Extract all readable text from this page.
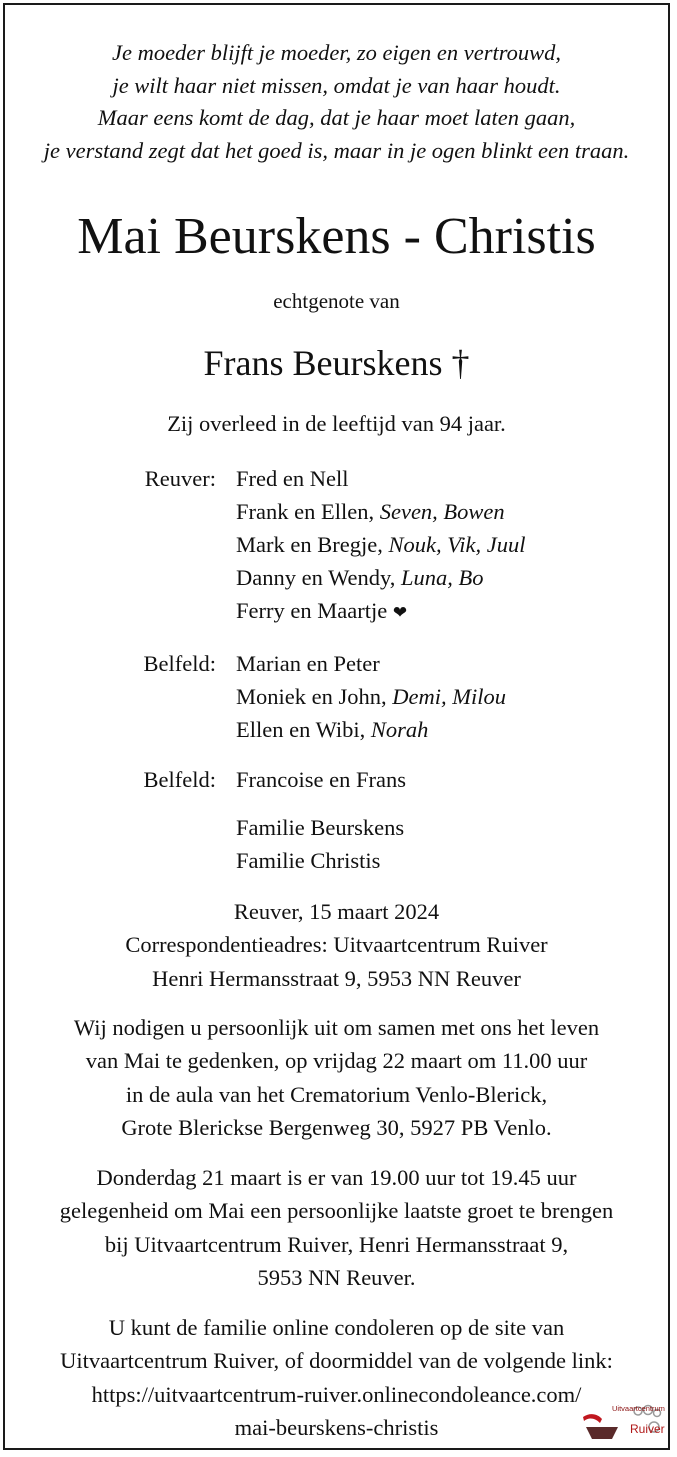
Je moeder blijft je moeder, zo eigen en vertrouwd,
je wilt haar niet missen, omdat je van haar houdt.
Maar eens komt de dag, dat je haar moet laten gaan,
je verstand zegt dat het goed is, maar in je ogen blinkt een traan.
Mai Beurskens - Christis
echtgenote van
Frans Beurskens †
Zij overleed in de leeftijd van 94 jaar.
Reuver: Fred en Nell
Frank en Ellen, Seven, Bowen
Mark en Bregje, Nouk, Vik, Juul
Danny en Wendy, Luna, Bo
Ferry en Maartje ❤
Belfeld: Marian en Peter
Moniek en John, Demi, Milou
Ellen en Wibi, Norah
Belfeld: Francoise en Frans
Familie Beurskens
Familie Christis
Reuver, 15 maart 2024
Correspondentieadres: Uitvaartcentrum Ruiver
Henri Hermansstraat 9, 5953 NN Reuver
Wij nodigen u persoonlijk uit om samen met ons het leven
van Mai te gedenken, op vrijdag 22 maart om 11.00 uur
in de aula van het Crematorium Venlo-Blerick,
Grote Blerickse Bergenweg 30, 5927 PB Venlo.
Donderdag 21 maart is er van 19.00 uur tot 19.45 uur
gelegenheid om Mai een persoonlijke laatste groet te brengen
bij Uitvaartcentrum Ruiver, Henri Hermansstraat 9,
5953 NN Reuver.
U kunt de familie online condoleren op de site van
Uitvaartcentrum Ruiver, of doormiddel van de volgende link:
https://uitvaartcentrum-ruiver.onlinecondoleance.com/
mai-beurskens-christis
Uitvaartcentrum
Ruiver
